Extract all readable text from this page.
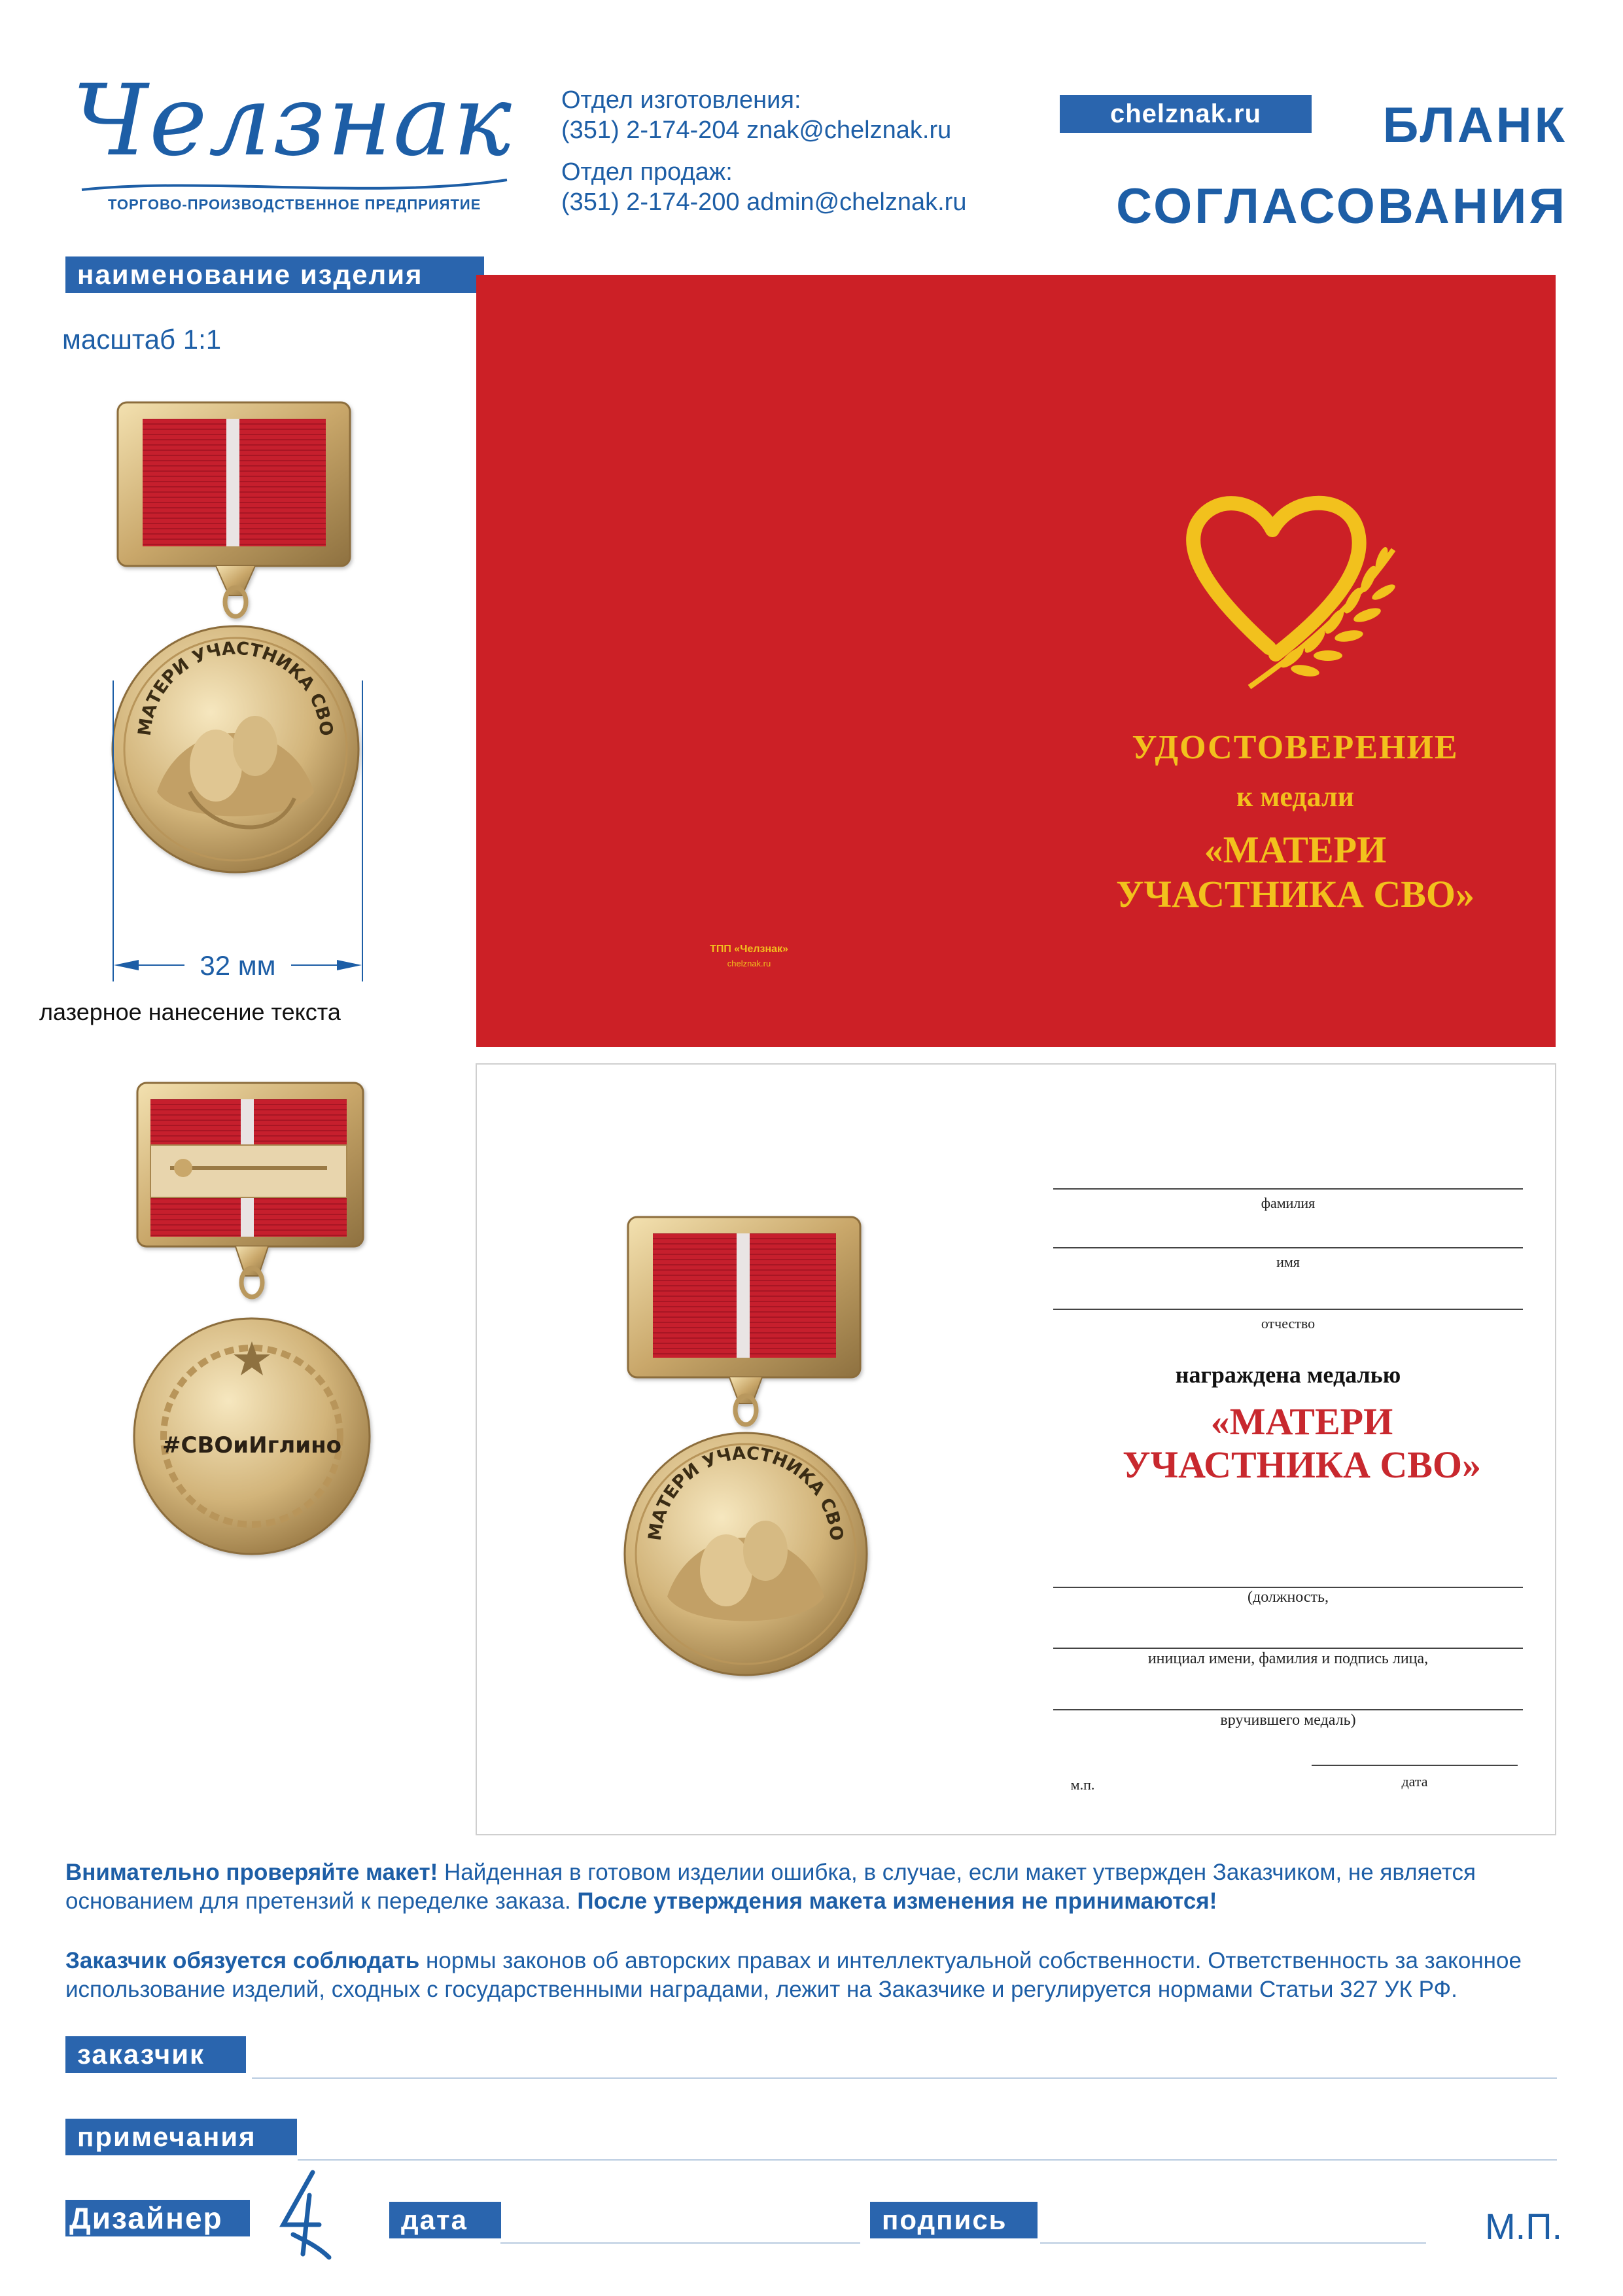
Челзнак
ТОРГОВО-ПРОИЗВОДСТВЕННОЕ ПРЕДПРИЯТИЕ
Отдел изготовления:
(351) 2-174-204 znak@chelznak.ru
Отдел продаж:
(351) 2-174-200 admin@chelznak.ru
chelznak.ru	БЛАНК
СОГЛАСОВАНИЯ
наименование изделия
масштаб 1:1
МАТЕРИ УЧАСТНИКА СВО
32 мм
лазерное нанесение текста
#СВОиИглино
УДОСТОВЕРЕНИЕ
к медали
«МАТЕРИ
УЧАСТНИКА СВО»
ТПП «Челзнак»
chelznak.ru
МАТЕРИ УЧАСТНИКА СВО
фамилия
имя
отчество
награждена медалью
«МАТЕРИ
УЧАСТНИКА СВО»
(должность,
инициал имени, фамилия и подпись лица,
вручившего медаль)
м.п.	дата
Внимательно проверяйте макет! Найденная в готовом изделии ошибка, в случае, если макет утвержден Заказчиком, не является основанием для претензий к переделке заказа. После утверждения макета изменения не принимаются!
Заказчик обязуется соблюдать нормы законов об авторских правах и интеллектуальной собственности. Ответственность за законное использование изделий, сходных с государственными наградами, лежит на Заказчике и регулируется нормами Статьи 327 УК РФ.
заказчик
примечания
Дизайнер	дата	подпись	М.П.
